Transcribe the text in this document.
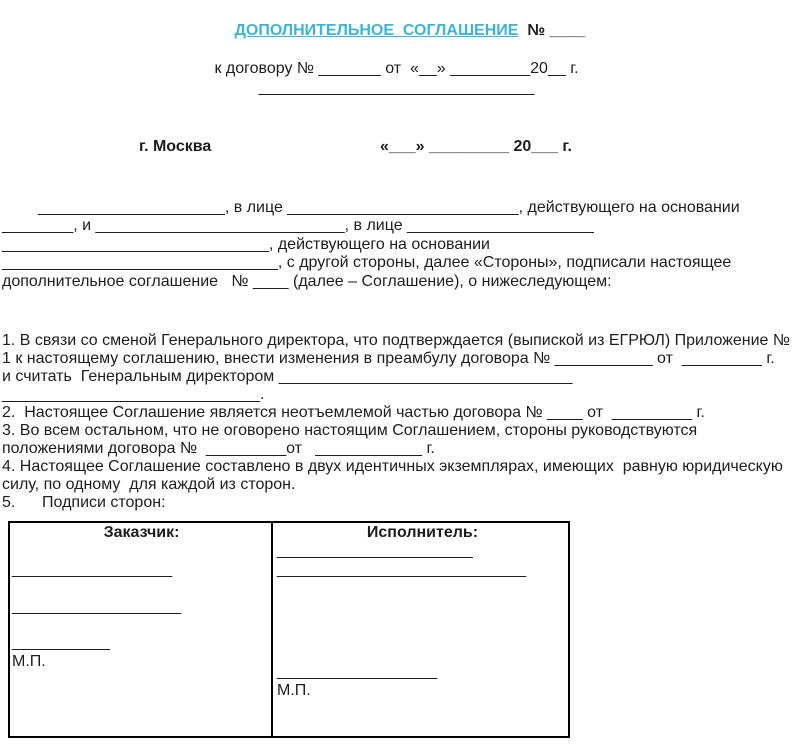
ДОПОЛНИТЕЛЬНОЕ  СОГЛАШЕНИЕ  № ____

к договору № _______ от  «__» _________20__ г.
_______________________________
г. Москва	«___» _________ 20___ г.
_____________________, в лице __________________________, действующего на основании
________, и ____________________________, в лице _____________________
______________________________, действующего на основании
_______________________________, с другой стороны, далее «Стороны», подписали настоящее
дополнительное соглашение   № ____ (далее – Соглашение), о нижеследующем:
1. В связи со сменой Генерального директора, что подтверждается (выпиской из ЕГРЮЛ) Приложение №
1 к настоящему соглашению, внести изменения в преамбулу договора № ___________ от  _________ г.
и считать  Генеральным директором _________________________________
_____________________________.
2.  Настоящее Соглашение является неотъемлемой частью договора № ____ от  _________ г.
3. Во всем остальном, что не оговорено настоящим Соглашением, стороны руководствуются
положениями договора №  _________от   ____________ г.
4. Настоящее Соглашение составлено в двух идентичных экземплярах, имеющих  равную юридическую
силу, по одному  для каждой из сторон.
5.      Подписи сторон:
Заказчик:
__________________
___________________
___________
М.П.
Исполнитель:
______________________
____________________________
__________________
М.П.
